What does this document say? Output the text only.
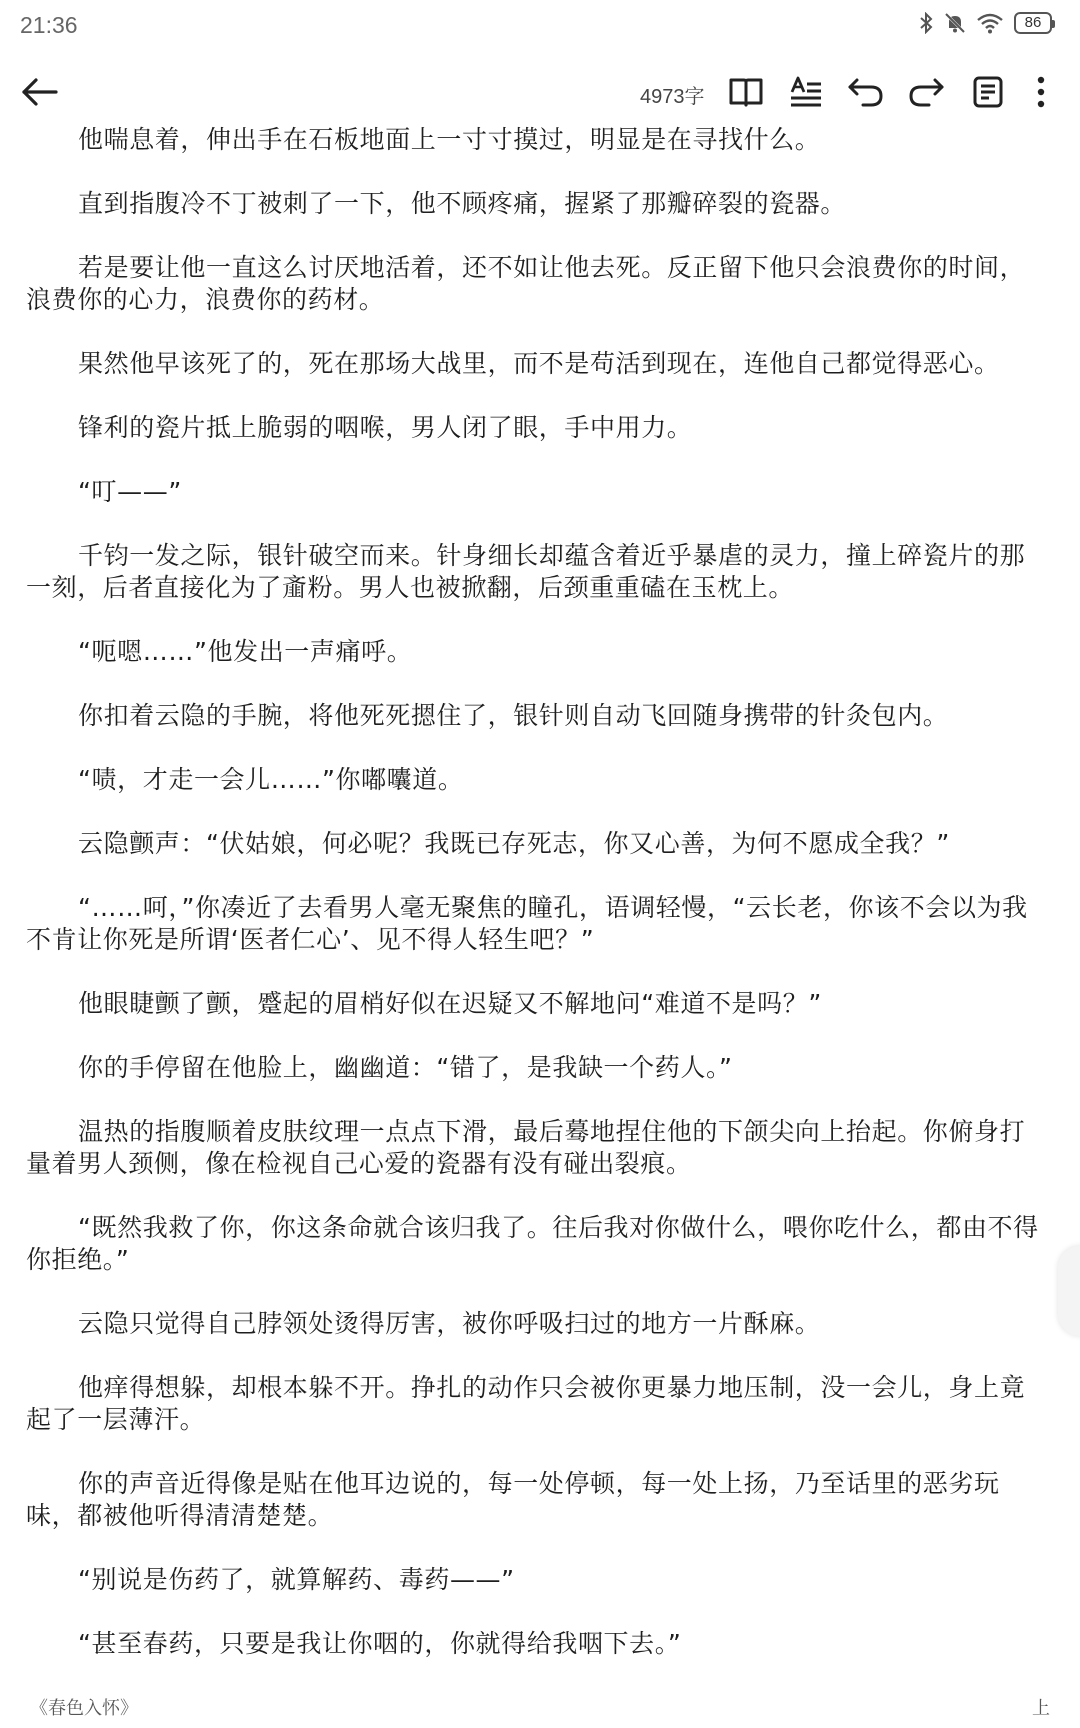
21:36	86
4973字

他喘息着，伸出手在石板地面上一寸寸摸过，明显是在寻找什么。

直到指腹冷不丁被刺了一下，他不顾疼痛，握紧了那瓣碎裂的瓷器。

若是要让他一直这么讨厌地活着，还不如让他去死。反正留下他只会浪费你的时间，浪费你的心力，浪费你的药材。

果然他早该死了的，死在那场大战里，而不是苟活到现在，连他自己都觉得恶心。

锋利的瓷片抵上脆弱的咽喉，男人闭了眼，手中用力。

“叮——”

千钧一发之际，银针破空而来。针身细长却蕴含着近乎暴虐的灵力，撞上碎瓷片的那一刻，后者直接化为了齑粉。男人也被掀翻，后颈重重磕在玉枕上。

“呃嗯……”他发出一声痛呼。

你扣着云隐的手腕，将他死死摁住了，银针则自动飞回随身携带的针灸包内。

“啧，才走一会儿……”你嘟囔道。

云隐颤声：“伏姑娘，何必呢？我既已存死志，你又心善，为何不愿成全我？”

“……呵，”你凑近了去看男人毫无聚焦的瞳孔，语调轻慢，“云长老，你该不会以为我不肯让你死是所谓‘医者仁心’、见不得人轻生吧？”

他眼睫颤了颤，蹙起的眉梢好似在迟疑又不解地问“难道不是吗？”

你的手停留在他脸上，幽幽道：“错了，是我缺一个药人。”

温热的指腹顺着皮肤纹理一点点下滑，最后蓦地捏住他的下颌尖向上抬起。你俯身打量着男人颈侧，像在检视自己心爱的瓷器有没有碰出裂痕。

“既然我救了你，你这条命就合该归我了。往后我对你做什么，喂你吃什么，都由不得你拒绝。”

云隐只觉得自己脖领处烫得厉害，被你呼吸扫过的地方一片酥麻。

他痒得想躲，却根本躲不开。挣扎的动作只会被你更暴力地压制，没一会儿，身上竟起了一层薄汗。

你的声音近得像是贴在他耳边说的，每一处停顿，每一处上扬，乃至话里的恶劣玩味，都被他听得清清楚楚。

“别说是伤药了，就算解药、毒药——”

“甚至春药，只要是我让你咽的，你就得给我咽下去。”

《春色入怀》	上
